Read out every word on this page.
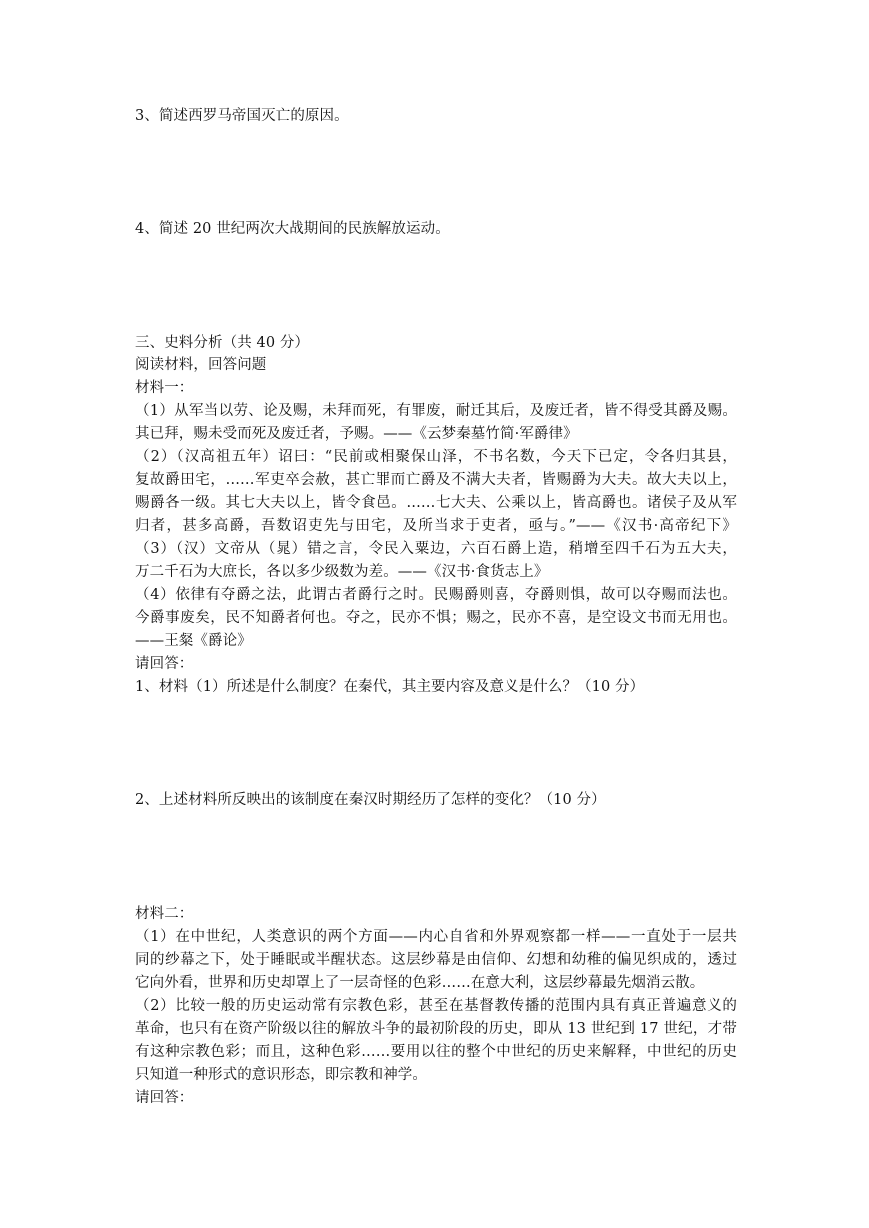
3、简述西罗马帝国灭亡的原因。
4、简述 20 世纪两次大战期间的民族解放运动。
三、史料分析（共 40 分）
阅读材料，回答问题
材料一：
（1）从军当以劳、论及赐，未拜而死，有罪废，耐迁其后，及废迁者，皆不得受其爵及赐。
其已拜，赐未受而死及废迁者，予赐。——《云梦秦墓竹简·军爵律》
（2）（汉高祖五年）诏曰：“民前或相聚保山泽，不书名数，今天下已定，令各归其县，
复故爵田宅，……军吏卒会赦，甚亡罪而亡爵及不满大夫者，皆赐爵为大夫。故大夫以上，
赐爵各一级。其七大夫以上，皆令食邑。……七大夫、公乘以上，皆高爵也。诸侯子及从军
归者，甚多高爵，吾数诏吏先与田宅，及所当求于吏者，亟与。”——《汉书·高帝纪下》
（3）（汉）文帝从（晁）错之言，令民入粟边，六百石爵上造，稍增至四千石为五大夫，
万二千石为大庶长，各以多少级数为差。——《汉书·食货志上》
（4）依律有夺爵之法，此谓古者爵行之时。民赐爵则喜，夺爵则惧，故可以夺赐而法也。
今爵事废矣，民不知爵者何也。夺之，民亦不惧；赐之，民亦不喜，是空设文书而无用也。
——王粲《爵论》
请回答：
1、材料（1）所述是什么制度？在秦代，其主要内容及意义是什么？（10 分）
2、上述材料所反映出的该制度在秦汉时期经历了怎样的变化？（10 分）
材料二：
（1）在中世纪，人类意识的两个方面——内心自省和外界观察都一样——一直处于一层共
同的纱幕之下，处于睡眠或半醒状态。这层纱幕是由信仰、幻想和幼稚的偏见织成的，透过
它向外看，世界和历史却罩上了一层奇怪的色彩……在意大利，这层纱幕最先烟消云散。
（2）比较一般的历史运动常有宗教色彩，甚至在基督教传播的范围内具有真正普遍意义的
革命，也只有在资产阶级以往的解放斗争的最初阶段的历史，即从 13 世纪到 17 世纪，才带
有这种宗教色彩；而且，这种色彩……要用以往的整个中世纪的历史来解释，中世纪的历史
只知道一种形式的意识形态，即宗教和神学。
请回答：
